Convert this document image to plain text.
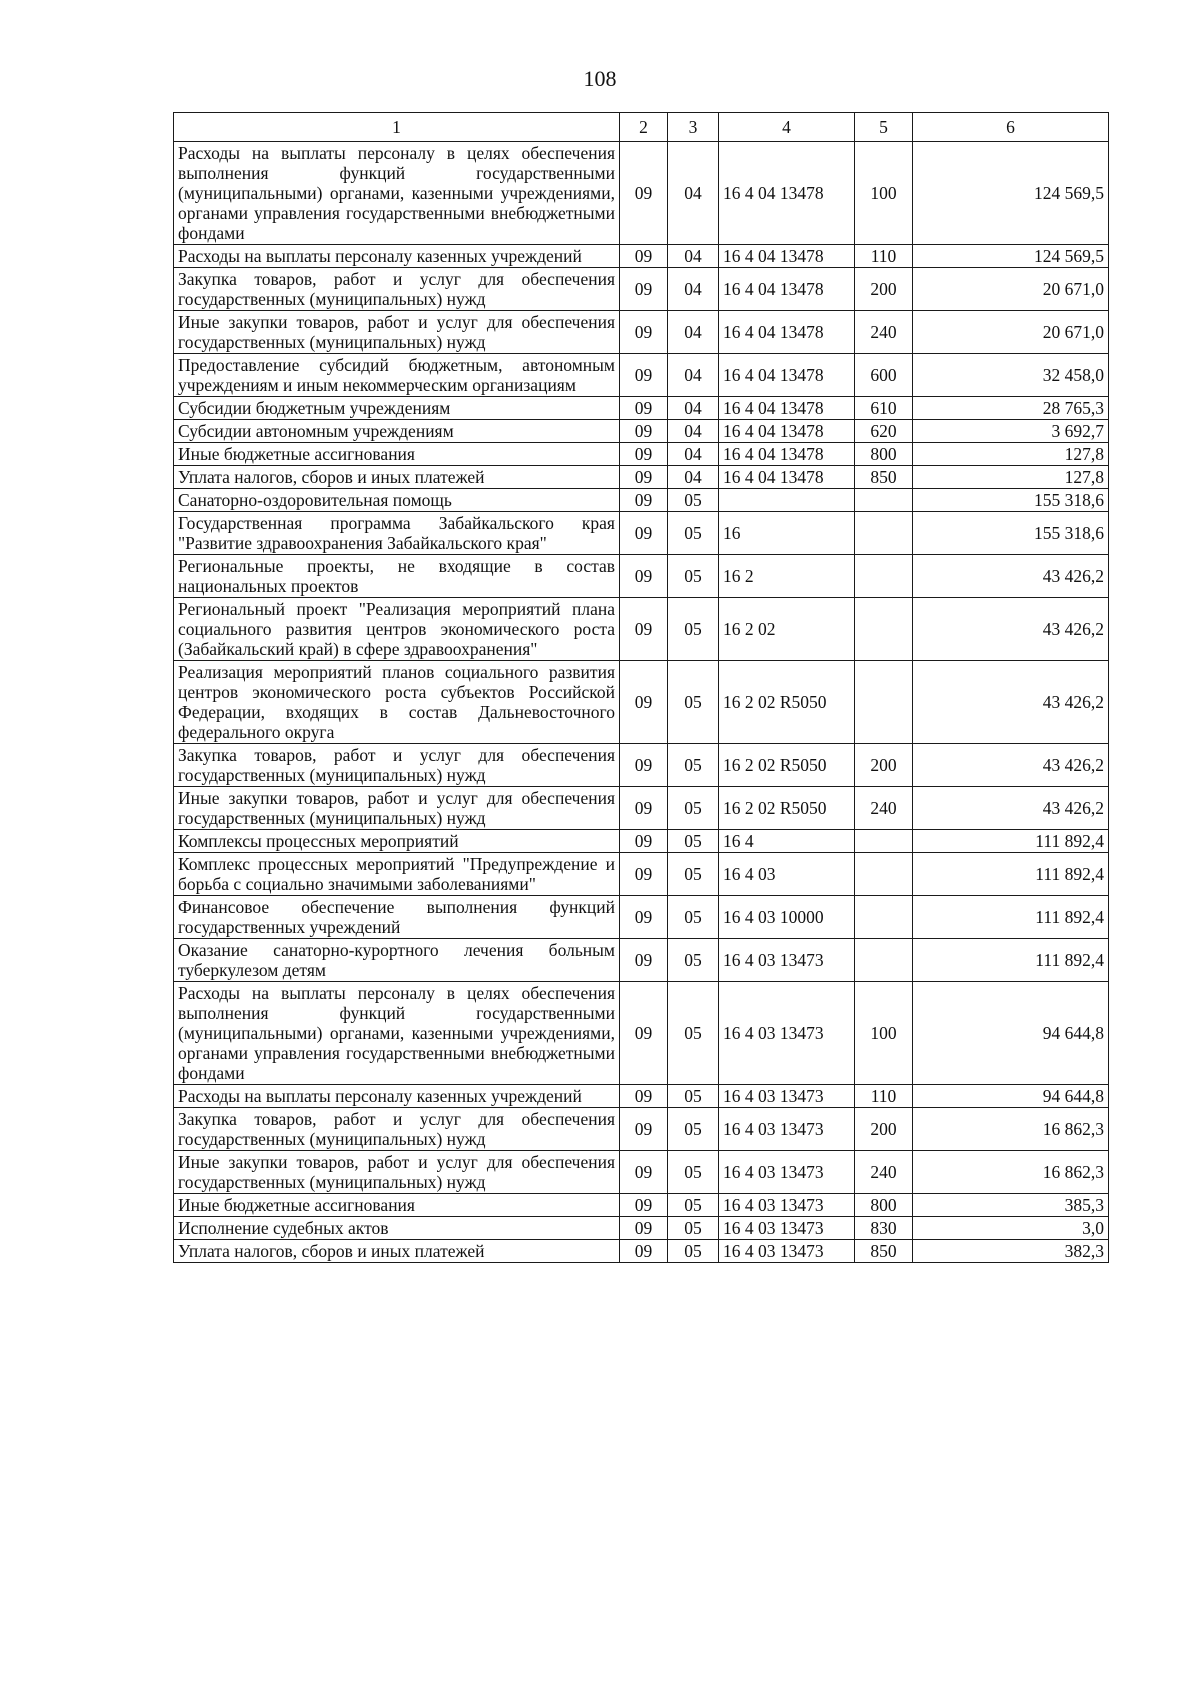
108
1	2	3	4	5	6
Расходы на выплаты персоналу в целях обеспечения выполнения функций государственными (муниципальными) органами, казенными учреждениями, органами управления государственными внебюджетными фондами	09	04	16 4 04 13478	100	124 569,5
Расходы на выплаты персоналу казенных учреждений	09	04	16 4 04 13478	110	124 569,5
Закупка товаров, работ и услуг для обеспечения государственных (муниципальных) нужд	09	04	16 4 04 13478	200	20 671,0
Иные закупки товаров, работ и услуг для обеспечения государственных (муниципальных) нужд	09	04	16 4 04 13478	240	20 671,0
Предоставление субсидий бюджетным, автономным учреждениям и иным некоммерческим организациям	09	04	16 4 04 13478	600	32 458,0
Субсидии бюджетным учреждениям	09	04	16 4 04 13478	610	28 765,3
Субсидии автономным учреждениям	09	04	16 4 04 13478	620	3 692,7
Иные бюджетные ассигнования	09	04	16 4 04 13478	800	127,8
Уплата налогов, сборов и иных платежей	09	04	16 4 04 13478	850	127,8
Санаторно-оздоровительная помощь	09	05			155 318,6
Государственная программа Забайкальского края "Развитие здравоохранения Забайкальского края"	09	05	16		155 318,6
Региональные проекты, не входящие в состав национальных проектов	09	05	16 2		43 426,2
Региональный проект "Реализация мероприятий плана социального развития центров экономического роста (Забайкальский край) в сфере здравоохранения"	09	05	16 2 02		43 426,2
Реализация мероприятий планов социального развития центров экономического роста субъектов Российской Федерации, входящих в состав Дальневосточного федерального округа	09	05	16 2 02 R5050		43 426,2
Закупка товаров, работ и услуг для обеспечения государственных (муниципальных) нужд	09	05	16 2 02 R5050	200	43 426,2
Иные закупки товаров, работ и услуг для обеспечения государственных (муниципальных) нужд	09	05	16 2 02 R5050	240	43 426,2
Комплексы процессных мероприятий	09	05	16 4		111 892,4
Комплекс процессных мероприятий "Предупреждение и борьба с социально значимыми заболеваниями"	09	05	16 4 03		111 892,4
Финансовое обеспечение выполнения функций государственных учреждений	09	05	16 4 03 10000		111 892,4
Оказание санаторно-курортного лечения больным туберкулезом детям	09	05	16 4 03 13473		111 892,4
Расходы на выплаты персоналу в целях обеспечения выполнения функций государственными (муниципальными) органами, казенными учреждениями, органами управления государственными внебюджетными фондами	09	05	16 4 03 13473	100	94 644,8
Расходы на выплаты персоналу казенных учреждений	09	05	16 4 03 13473	110	94 644,8
Закупка товаров, работ и услуг для обеспечения государственных (муниципальных) нужд	09	05	16 4 03 13473	200	16 862,3
Иные закупки товаров, работ и услуг для обеспечения государственных (муниципальных) нужд	09	05	16 4 03 13473	240	16 862,3
Иные бюджетные ассигнования	09	05	16 4 03 13473	800	385,3
Исполнение судебных актов	09	05	16 4 03 13473	830	3,0
Уплата налогов, сборов и иных платежей	09	05	16 4 03 13473	850	382,3
